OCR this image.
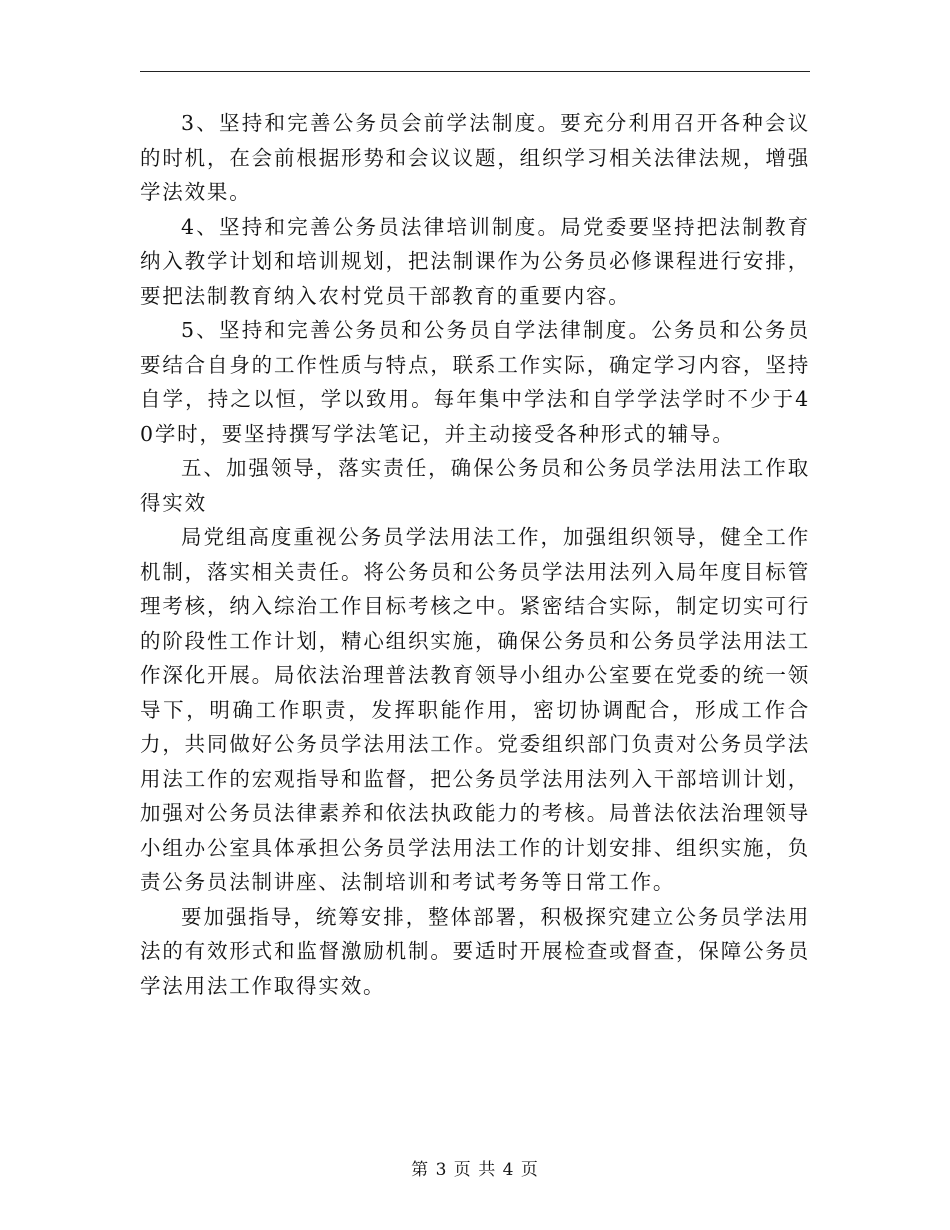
3、坚持和完善公务员会前学法制度。要充分利用召开各种会议的时机，在会前根据形势和会议议题，组织学习相关法律法规，增强学法效果。

4、坚持和完善公务员法律培训制度。局党委要坚持把法制教育纳入教学计划和培训规划，把法制课作为公务员必修课程进行安排，要把法制教育纳入农村党员干部教育的重要内容。

5、坚持和完善公务员和公务员自学法律制度。公务员和公务员要结合自身的工作性质与特点，联系工作实际，确定学习内容，坚持自学，持之以恒，学以致用。每年集中学法和自学学法学时不少于40学时，要坚持撰写学法笔记，并主动接受各种形式的辅导。

五、加强领导，落实责任，确保公务员和公务员学法用法工作取得实效

局党组高度重视公务员学法用法工作，加强组织领导，健全工作机制，落实相关责任。将公务员和公务员学法用法列入局年度目标管理考核，纳入综治工作目标考核之中。紧密结合实际，制定切实可行的阶段性工作计划，精心组织实施，确保公务员和公务员学法用法工作深化开展。局依法治理普法教育领导小组办公室要在党委的统一领导下，明确工作职责，发挥职能作用，密切协调配合，形成工作合力，共同做好公务员学法用法工作。党委组织部门负责对公务员学法用法工作的宏观指导和监督，把公务员学法用法列入干部培训计划，加强对公务员法律素养和依法执政能力的考核。局普法依法治理领导小组办公室具体承担公务员学法用法工作的计划安排、组织实施，负责公务员法制讲座、法制培训和考试考务等日常工作。

要加强指导，统筹安排，整体部署，积极探究建立公务员学法用法的有效形式和监督激励机制。要适时开展检查或督查，保障公务员学法用法工作取得实效。

第 3 页 共 4 页
